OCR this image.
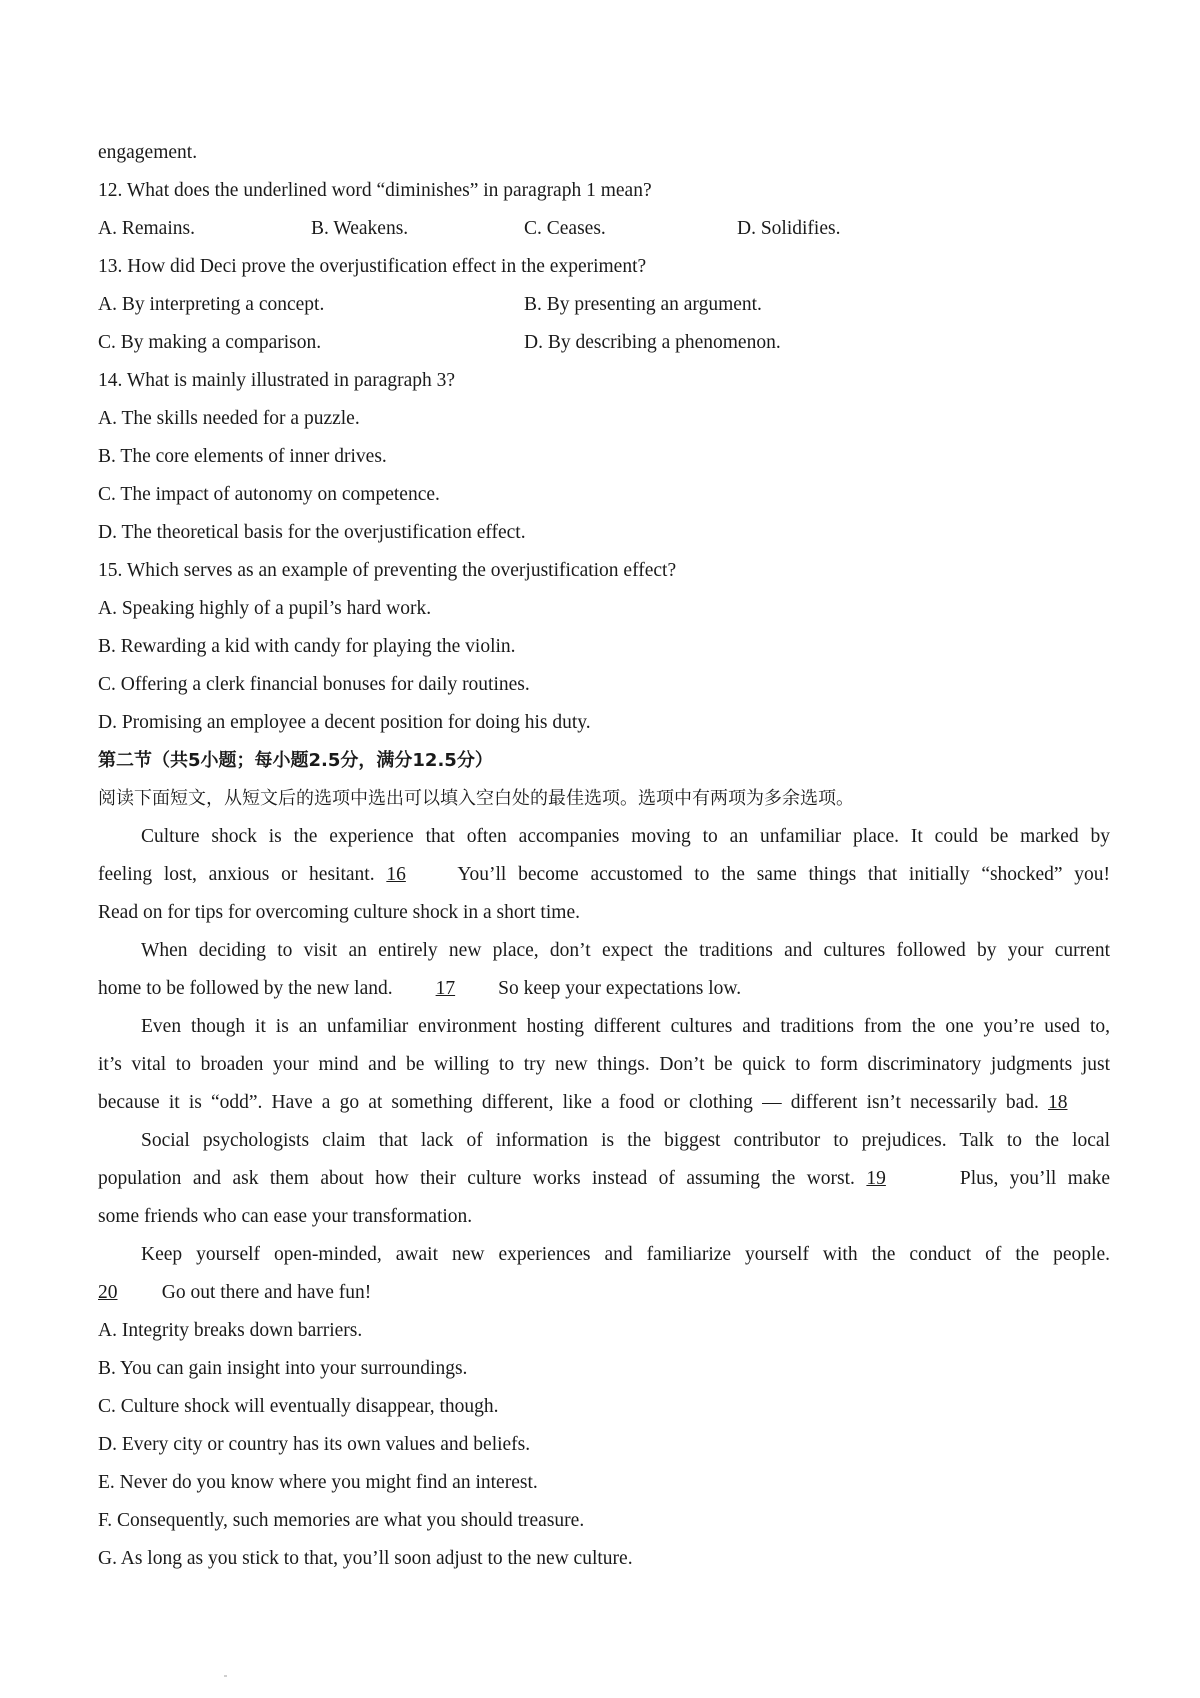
engagement.
12. What does the underlined word “diminishes” in paragraph 1 mean?
A. Remains.	B. Weakens.	C. Ceases.	D. Solidifies.
13. How did Deci prove the overjustification effect in the experiment?
A. By interpreting a concept.	B. By presenting an argument.
C. By making a comparison.	D. By describing a phenomenon.
14. What is mainly illustrated in paragraph 3?
A. The skills needed for a puzzle.
B. The core elements of inner drives.
C. The impact of autonomy on competence.
D. The theoretical basis for the overjustification effect.
15. Which serves as an example of preventing the overjustification effect?
A. Speaking highly of a pupil’s hard work.
B. Rewarding a kid with candy for playing the violin.
C. Offering a clerk financial bonuses for daily routines.
D. Promising an employee a decent position for doing his duty.
第二节（共5小题；每小题2.5分，满分12.5分）
阅读下面短文，从短文后的选项中选出可以填入空白处的最佳选项。选项中有两项为多余选项。
Culture shock is the experience that often accompanies moving to an unfamiliar place. It could be marked by
feeling lost, anxious or hesitant. 16	You’ll become accustomed to the same things that initially “shocked” you!
Read on for tips for overcoming culture shock in a short time.
When deciding to visit an entirely new place, don’t expect the traditions and cultures followed by your current
home to be followed by the new land. 17 So keep your expectations low.
Even though it is an unfamiliar environment hosting different cultures and traditions from the one you’re used to,
it’s vital to broaden your mind and be willing to try new things. Don’t be quick to form discriminatory judgments just
because it is “odd”. Have a go at something different, like a food or clothing — different isn’t necessarily bad. 18
Social psychologists claim that lack of information is the biggest contributor to prejudices. Talk to the local
population and ask them about how their culture works instead of assuming the worst. 19	Plus, you’ll make
some friends who can ease your transformation.
Keep yourself open-minded, await new experiences and familiarize yourself with the conduct of the people.
20 Go out there and have fun!
A. Integrity breaks down barriers.
B. You can gain insight into your surroundings.
C. Culture shock will eventually disappear, though.
D. Every city or country has its own values and beliefs.
E. Never do you know where you might find an interest.
F. Consequently, such memories are what you should treasure.
G. As long as you stick to that, you’ll soon adjust to the new culture.
